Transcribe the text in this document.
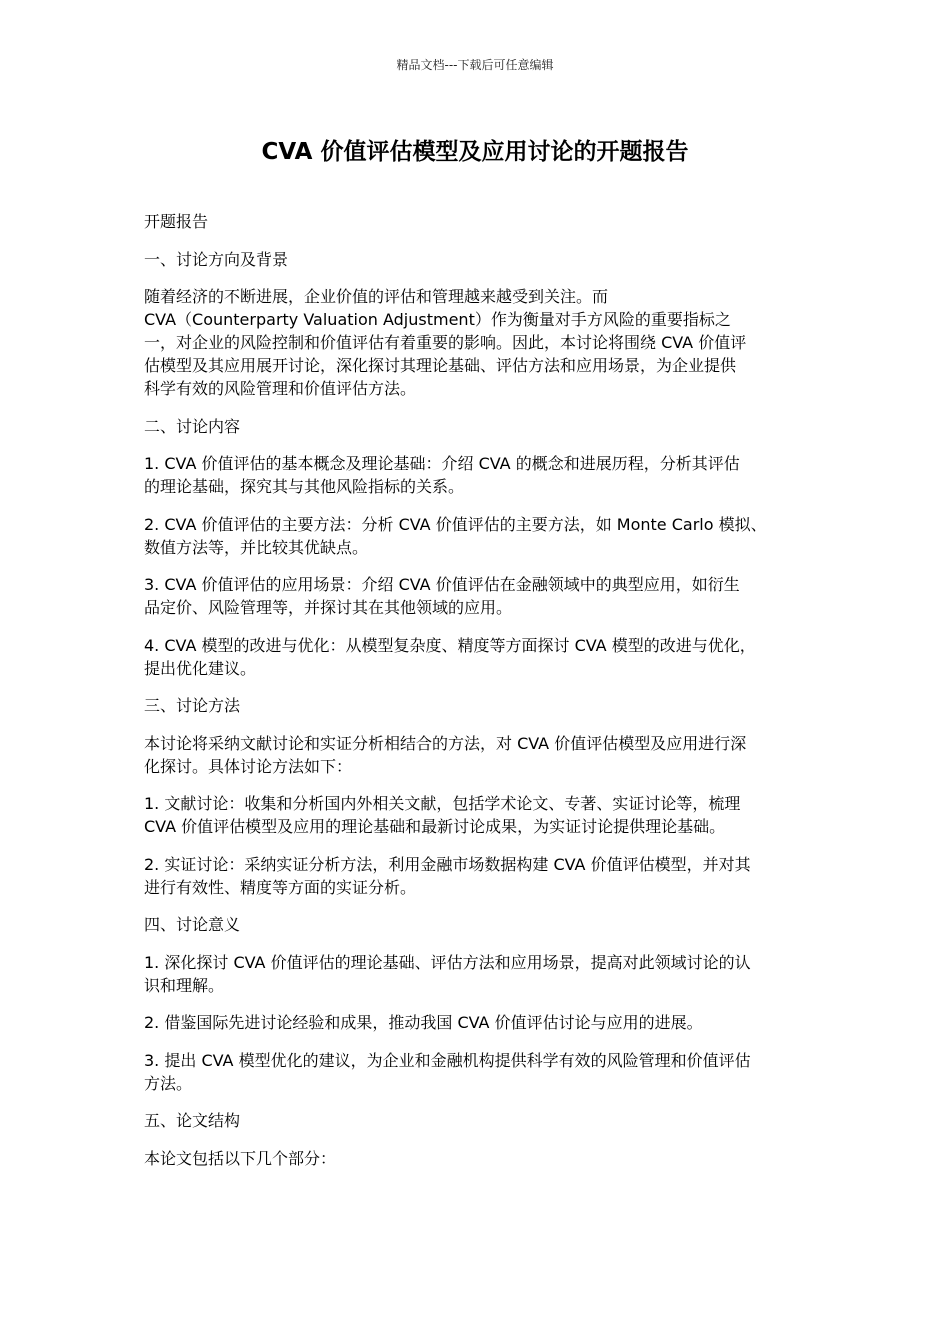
精品文档---下载后可任意编辑
CVA 价值评估模型及应用讨论的开题报告

开题报告

一、讨论方向及背景

随着经济的不断进展，企业价值的评估和管理越来越受到关注。而
CVA（Counterparty Valuation Adjustment）作为衡量对手方风险的重要指标之
一，对企业的风险控制和价值评估有着重要的影响。因此，本讨论将围绕 CVA 价值评
估模型及其应用展开讨论，深化探讨其理论基础、评估方法和应用场景，为企业提供
科学有效的风险管理和价值评估方法。

二、讨论内容

1. CVA 价值评估的基本概念及理论基础：介绍 CVA 的概念和进展历程，分析其评估
的理论基础，探究其与其他风险指标的关系。

2. CVA 价值评估的主要方法：分析 CVA 价值评估的主要方法，如 Monte Carlo 模拟、
数值方法等，并比较其优缺点。

3. CVA 价值评估的应用场景：介绍 CVA 价值评估在金融领域中的典型应用，如衍生
品定价、风险管理等，并探讨其在其他领域的应用。

4. CVA 模型的改进与优化：从模型复杂度、精度等方面探讨 CVA 模型的改进与优化，
提出优化建议。

三、讨论方法

本讨论将采纳文献讨论和实证分析相结合的方法，对 CVA 价值评估模型及应用进行深
化探讨。具体讨论方法如下：

1. 文献讨论：收集和分析国内外相关文献，包括学术论文、专著、实证讨论等，梳理
CVA 价值评估模型及应用的理论基础和最新讨论成果，为实证讨论提供理论基础。

2. 实证讨论：采纳实证分析方法，利用金融市场数据构建 CVA 价值评估模型，并对其
进行有效性、精度等方面的实证分析。

四、讨论意义

1. 深化探讨 CVA 价值评估的理论基础、评估方法和应用场景，提高对此领域讨论的认
识和理解。

2. 借鉴国际先进讨论经验和成果，推动我国 CVA 价值评估讨论与应用的进展。

3. 提出 CVA 模型优化的建议，为企业和金融机构提供科学有效的风险管理和价值评估
方法。

五、论文结构

本论文包括以下几个部分：
